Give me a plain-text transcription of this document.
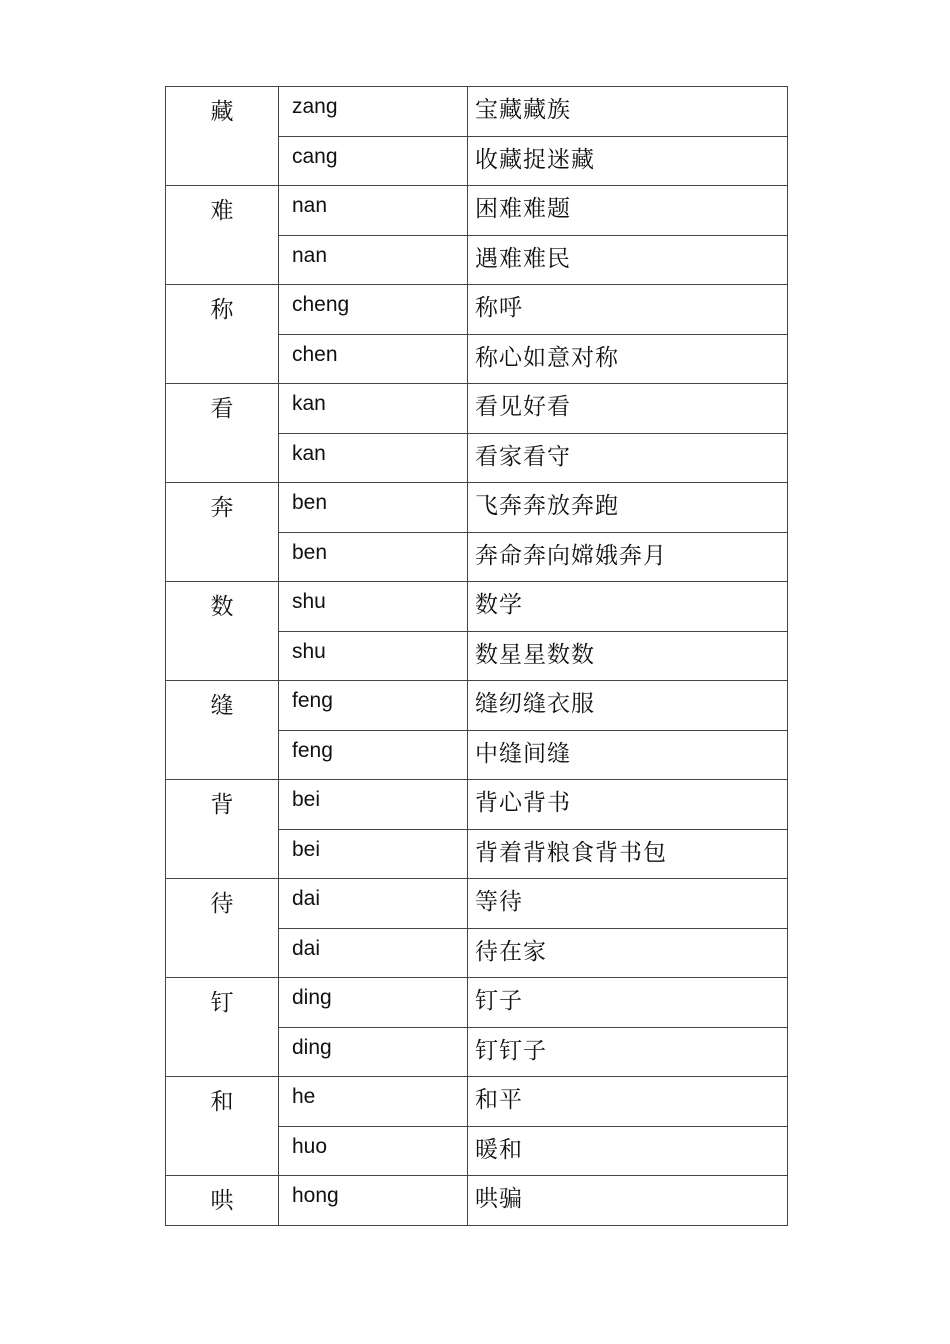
藏	zang	宝藏藏族
	cang	收藏捉迷藏
难	nan	困难难题
	nan	遇难难民
称	cheng	称呼
	chen	称心如意对称
看	kan	看见好看
	kan	看家看守
奔	ben	飞奔奔放奔跑
	ben	奔命奔向嫦娥奔月
数	shu	数学
	shu	数星星数数
缝	feng	缝纫缝衣服
	feng	中缝间缝
背	bei	背心背书
	bei	背着背粮食背书包
待	dai	等待
	dai	待在家
钉	ding	钉子
	ding	钉钉子
和	he	和平
	huo	暖和
哄	hong	哄骗
